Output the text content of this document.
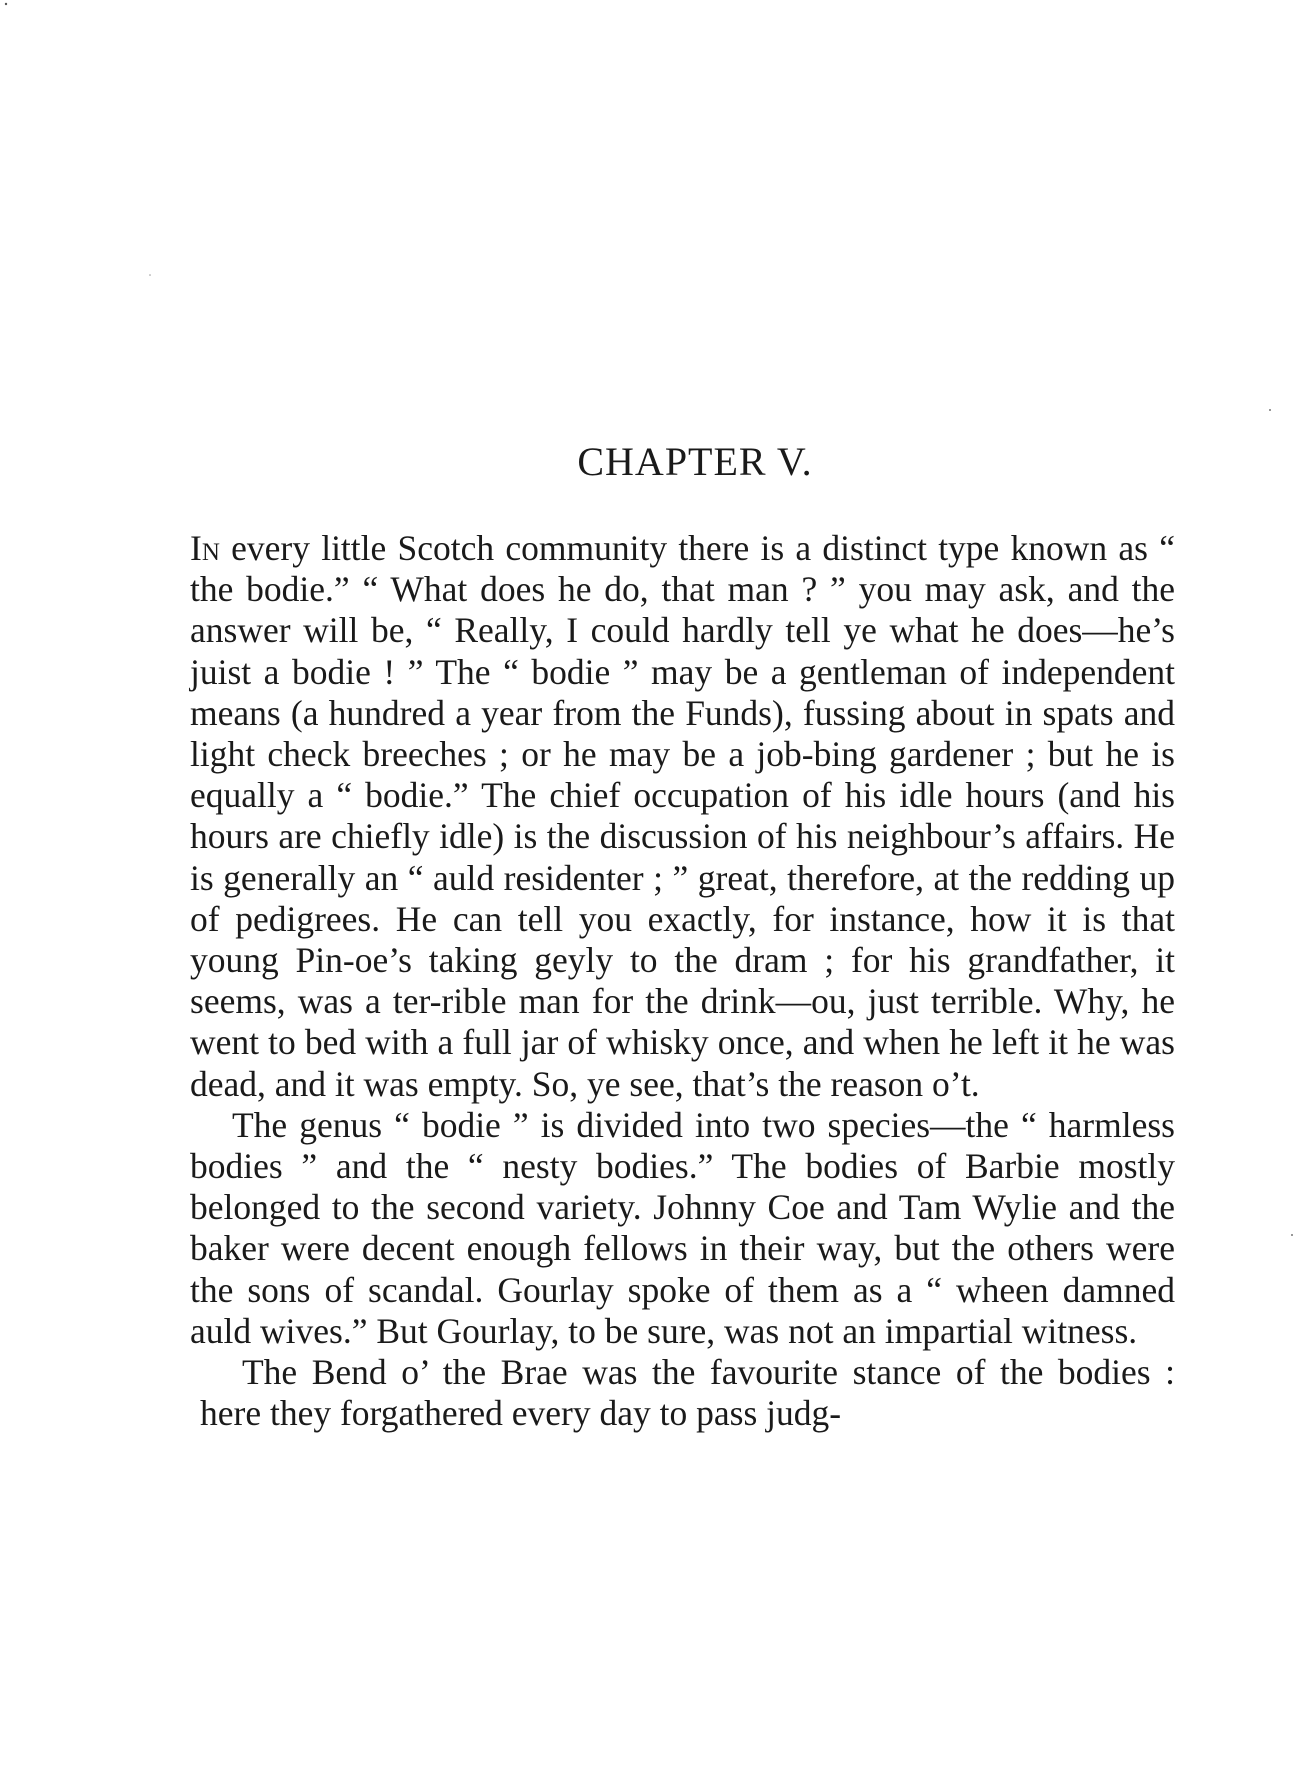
CHAPTER V.

In every little Scotch community there is a distinct type known as “ the bodie.” “ What does he do, that man ? ” you may ask, and the answer will be, “ Really, I could hardly tell ye what he does—he’s juist a bodie ! ” The “ bodie ” may be a gentleman of independent means (a hundred a year from the Funds), fussing about in spats and light check breeches ; or he may be a job-bing gardener ; but he is equally a “ bodie.” The chief occupation of his idle hours (and his hours are chiefly idle) is the discussion of his neighbour’s affairs. He is generally an “ auld residenter ; ” great, therefore, at the redding up of pedigrees. He can tell you exactly, for instance, how it is that young Pin-oe’s taking geyly to the dram ; for his grandfather, it seems, was a ter-rible man for the drink—ou, just terrible. Why, he went to bed with a full jar of whisky once, and when he left it he was dead, and it was empty. So, ye see, that’s the reason o’t.

The genus “ bodie ” is divided into two species—the “ harmless bodies ” and the “ nesty bodies.” The bodies of Barbie mostly belonged to the second variety. Johnny Coe and Tam Wylie and the baker were decent enough fellows in their way, but the others were the sons of scandal. Gourlay spoke of them as a “ wheen damned auld wives.” But Gourlay, to be sure, was not an impartial witness.

The Bend o’ the Brae was the favourite stance of the bodies : here they forgathered every day to pass judg-
